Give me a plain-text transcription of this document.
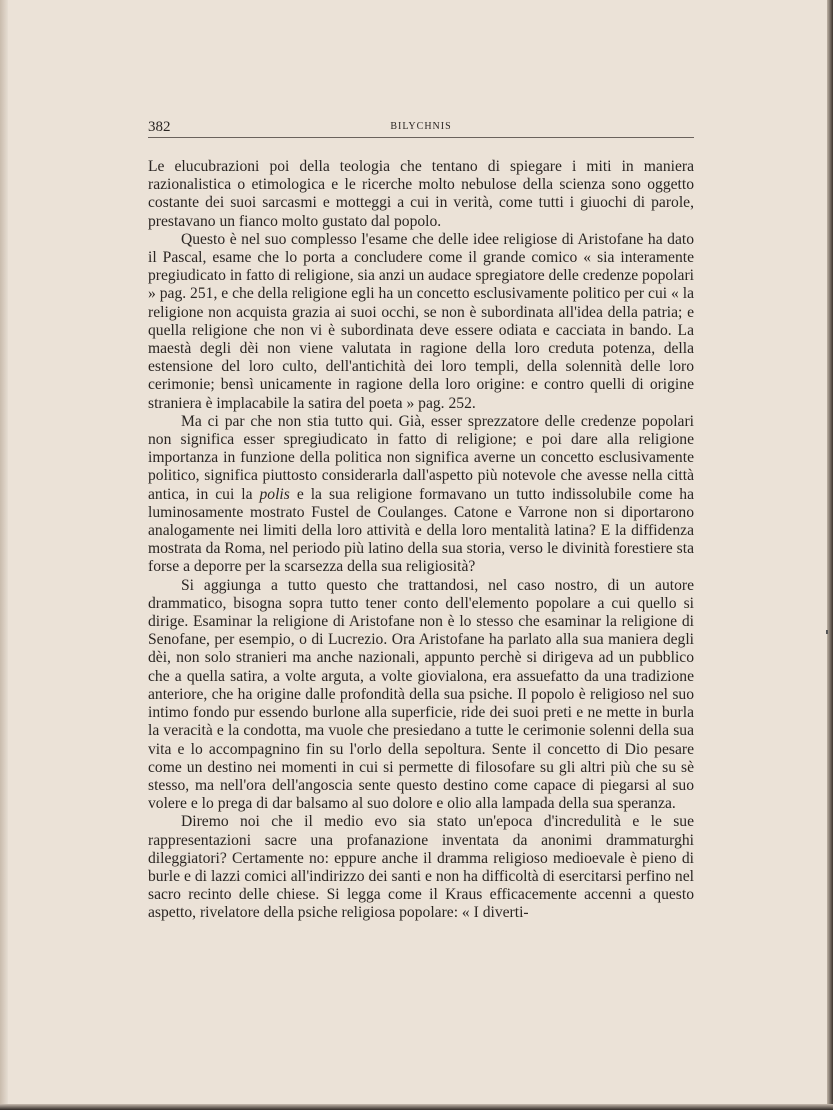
382	BILYCHNIS

Le elucubrazioni poi della teologia che tentano di spiegare i miti in maniera razionalistica o etimologica e le ricerche molto nebulose della scienza sono oggetto costante dei suoi sarcasmi e motteggi a cui in verità, come tutti i giuochi di parole, prestavano un fianco molto gustato dal popolo.

Questo è nel suo complesso l'esame che delle idee religiose di Aristofane ha dato il Pascal, esame che lo porta a concludere come il grande comico « sia interamente pregiudicato in fatto di religione, sia anzi un audace spregiatore delle credenze popolari » pag. 251, e che della religione egli ha un concetto esclusivamente politico per cui « la religione non acquista grazia ai suoi occhi, se non è subordinata all'idea della patria; e quella religione che non vi è subordinata deve essere odiata e cacciata in bando. La maestà degli dèi non viene valutata in ragione della loro creduta potenza, della estensione del loro culto, dell'antichità dei loro templi, della solennità delle loro cerimonie; bensì unicamente in ragione della loro origine: e contro quelli di origine straniera è implacabile la satira del poeta » pag. 252.

Ma ci par che non stia tutto qui. Già, esser sprezzatore delle credenze popolari non significa esser spregiudicato in fatto di religione; e poi dare alla religione importanza in funzione della politica non significa averne un concetto esclusivamente politico, significa piuttosto considerarla dall'aspetto più notevole che avesse nella città antica, in cui la polis e la sua religione formavano un tutto indissolubile come ha luminosamente mostrato Fustel de Coulanges. Catone e Varrone non si diportarono analogamente nei limiti della loro attività e della loro mentalità latina? E la diffidenza mostrata da Roma, nel periodo più latino della sua storia, verso le divinità forestiere sta forse a deporre per la scarsezza della sua religiosità?

Si aggiunga a tutto questo che trattandosi, nel caso nostro, di un autore drammatico, bisogna sopra tutto tener conto dell'elemento popolare a cui quello si dirige. Esaminar la religione di Aristofane non è lo stesso che esaminar la religione di Senofane, per esempio, o di Lucrezio. Ora Aristofane ha parlato alla sua maniera degli dèi, non solo stranieri ma anche nazionali, appunto perchè si dirigeva ad un pubblico che a quella satira, a volte arguta, a volte giovialona, era assuefatto da una tradizione anteriore, che ha origine dalle profondità della sua psiche. Il popolo è religioso nel suo intimo fondo pur essendo burlone alla superficie, ride dei suoi preti e ne mette in burla la veracità e la condotta, ma vuole che presiedano a tutte le cerimonie solenni della sua vita e lo accompagnino fin su l'orlo della sepoltura. Sente il concetto di Dio pesare come un destino nei momenti in cui si permette di filosofare su gli altri più che su sè stesso, ma nell'ora dell'angoscia sente questo destino come capace di piegarsi al suo volere e lo prega di dar balsamo al suo dolore e olio alla lampada della sua speranza.

Diremo noi che il medio evo sia stato un'epoca d'incredulità e le sue rappresentazioni sacre una profanazione inventata da anonimi drammaturghi dileggiatori? Certamente no: eppure anche il dramma religioso medioevale è pieno di burle e di lazzi comici all'indirizzo dei santi e non ha difficoltà di esercitarsi perfino nel sacro recinto delle chiese. Si legga come il Kraus efficacemente accenni a questo aspetto, rivelatore della psiche religiosa popolare: « I diverti-
